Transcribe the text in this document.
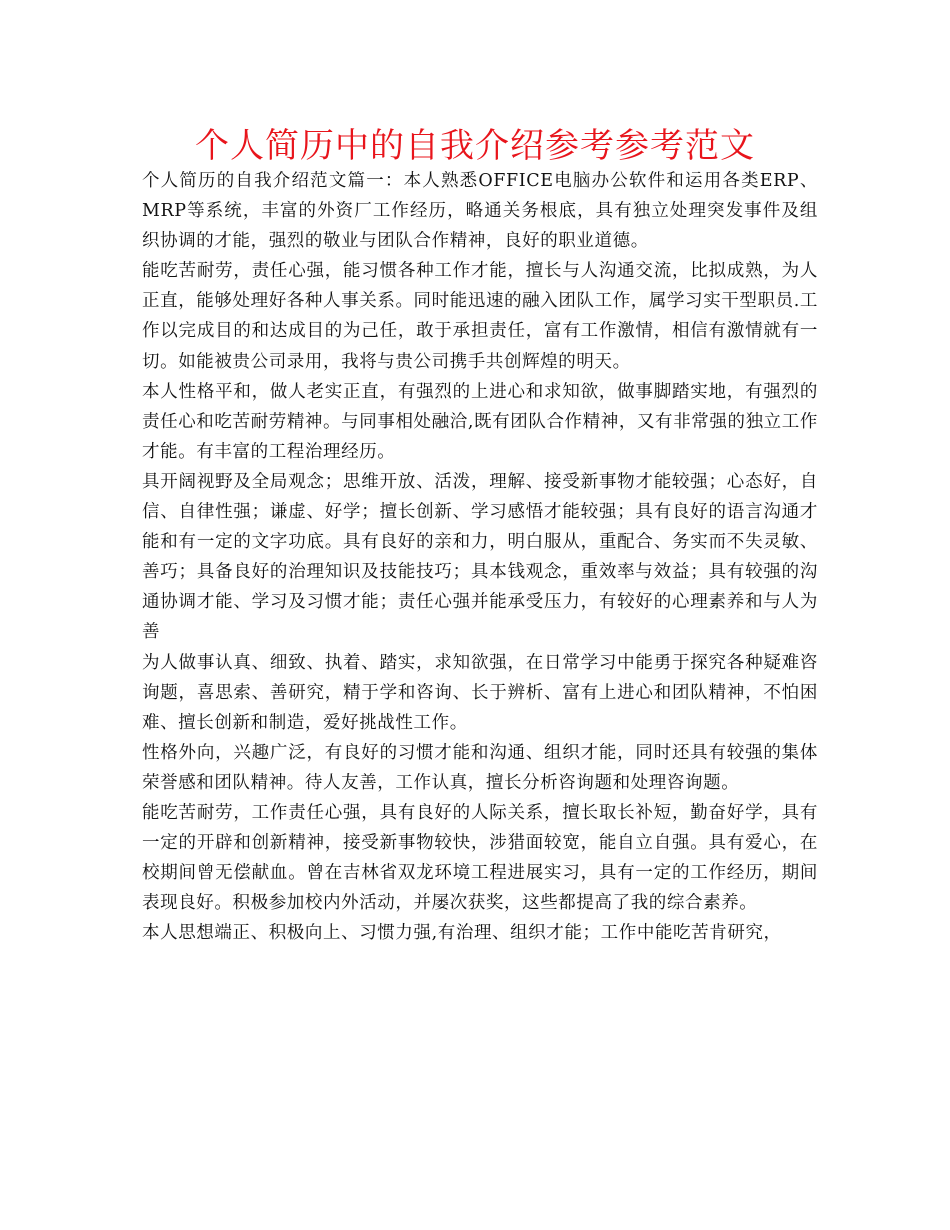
个人简历中的自我介绍参考参考范文

个人简历的自我介绍范文篇一：本人熟悉OFFICE电脑办公软件和运用各类ERP、MRP等系统，丰富的外资厂工作经历，略通关务根底，具有独立处理突发事件及组织协调的才能，强烈的敬业与团队合作精神，良好的职业道德。

能吃苦耐劳，责任心强，能习惯各种工作才能，擅长与人沟通交流，比拟成熟，为人正直，能够处理好各种人事关系。同时能迅速的融入团队工作，属学习实干型职员.工作以完成目的和达成目的为己任，敢于承担责任，富有工作激情，相信有激情就有一切。如能被贵公司录用，我将与贵公司携手共创辉煌的明天。

本人性格平和，做人老实正直，有强烈的上进心和求知欲，做事脚踏实地，有强烈的责任心和吃苦耐劳精神。与同事相处融洽,既有团队合作精神，又有非常强的独立工作才能。有丰富的工程治理经历。

具开阔视野及全局观念；思维开放、活泼，理解、接受新事物才能较强；心态好，自信、自律性强；谦虚、好学；擅长创新、学习感悟才能较强；具有良好的语言沟通才能和有一定的文字功底。具有良好的亲和力，明白服从，重配合、务实而不失灵敏、善巧；具备良好的治理知识及技能技巧；具本钱观念，重效率与效益；具有较强的沟通协调才能、学习及习惯才能；责任心强并能承受压力，有较好的心理素养和与人为善

为人做事认真、细致、执着、踏实，求知欲强，在日常学习中能勇于探究各种疑难咨询题，喜思索、善研究，精于学和咨询、长于辨析、富有上进心和团队精神，不怕困难、擅长创新和制造，爱好挑战性工作。

性格外向，兴趣广泛，有良好的习惯才能和沟通、组织才能，同时还具有较强的集体荣誉感和团队精神。待人友善，工作认真，擅长分析咨询题和处理咨询题。

能吃苦耐劳，工作责任心强，具有良好的人际关系，擅长取长补短，勤奋好学，具有一定的开辟和创新精神，接受新事物较快，涉猎面较宽，能自立自强。具有爱心，在校期间曾无偿献血。曾在吉林省双龙环境工程进展实习，具有一定的工作经历，期间表现良好。积极参加校内外活动，并屡次获奖，这些都提高了我的综合素养。

本人思想端正、积极向上、习惯力强,有治理、组织才能；工作中能吃苦肯研究，
